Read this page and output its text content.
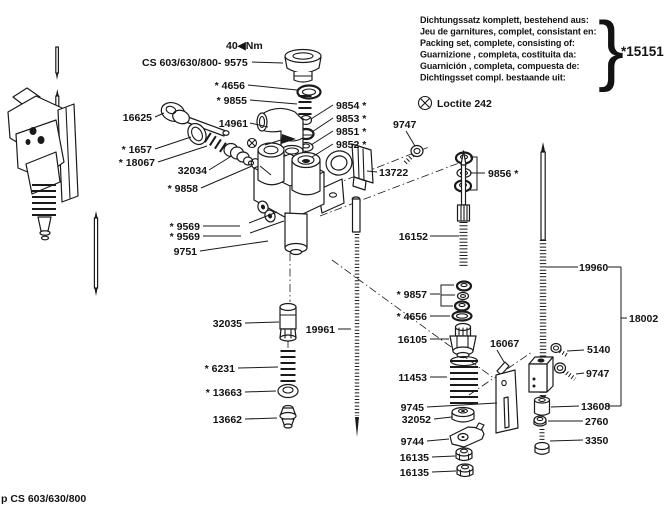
CS 603/630/800- 9575
40◀Nm
* 4656
* 9855	9854 *
9853 *
9851 *
9852 *
16625	14961	9747
* 1657
* 18067
32034	13722
* 9858
9856 *
* 9569
* 9569
9751
16152
19960
32035	19961
18002
* 9857
* 4656
16105	16067	5140
* 6231	9747
* 13663
11453
13662
9745	13608
32052	2760
9744	3350
16135
16135
Dichtungssatz komplett, bestehend aus:
Jeu de garnitures, complet, consistant en:
Packing set, complete, consisting of:
Guarnizione , completa, costituita da:
Guarnición , completa, compuesta de:
Dichtingsset compl. bestaande uit: }
*15151
Loctite 242
p CS 603/630/800
